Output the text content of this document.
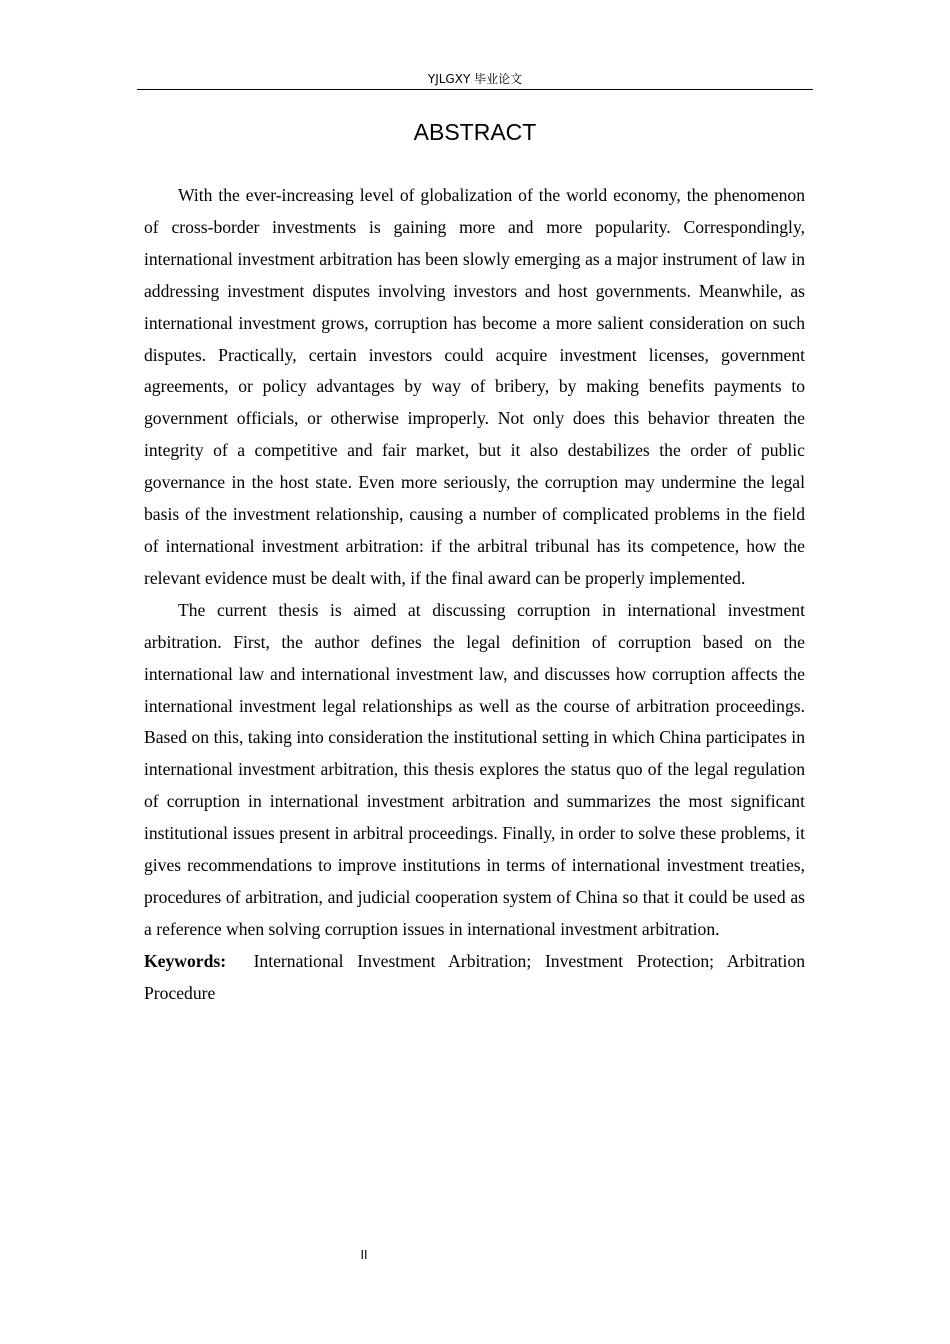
YJLGXY 毕业论文
ABSTRACT

With the ever-increasing level of globalization of the world economy, the phenomenon of cross-border investments is gaining more and more popularity. Correspondingly, international investment arbitration has been slowly emerging as a major instrument of law in addressing investment disputes involving investors and host governments. Meanwhile, as international investment grows, corruption has become a more salient consideration on such disputes. Practically, certain investors could acquire investment licenses, government agreements, or policy advantages by way of bribery, by making benefits payments to government officials, or otherwise improperly. Not only does this behavior threaten the integrity of a competitive and fair market, but it also destabilizes the order of public governance in the host state. Even more seriously, the corruption may undermine the legal basis of the investment relationship, causing a number of complicated problems in the field of international investment arbitration: if the arbitral tribunal has its competence, how the relevant evidence must be dealt with, if the final award can be properly implemented.

The current thesis is aimed at discussing corruption in international investment arbitration. First, the author defines the legal definition of corruption based on the international law and international investment law, and discusses how corruption affects the international investment legal relationships as well as the course of arbitration proceedings. Based on this, taking into consideration the institutional setting in which China participates in international investment arbitration, this thesis explores the status quo of the legal regulation of corruption in international investment arbitration and summarizes the most significant institutional issues present in arbitral proceedings. Finally, in order to solve these problems, it gives recommendations to improve institutions in terms of international investment treaties, procedures of arbitration, and judicial cooperation system of China so that it could be used as a reference when solving corruption issues in international investment arbitration.

Keywords: International Investment Arbitration; Investment Protection; Arbitration Procedure
II
